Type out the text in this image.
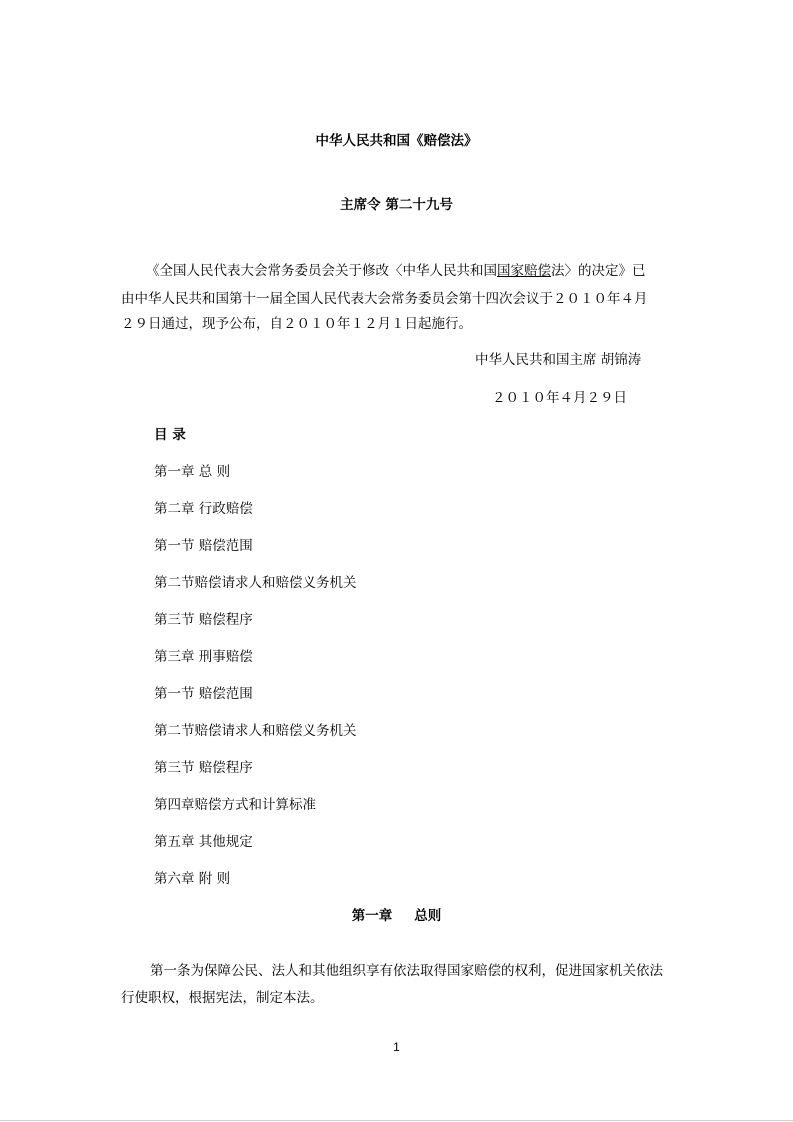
中华人民共和国《赔偿法》
主席令 第二十九号
《全国人民代表大会常务委员会关于修改〈中华人民共和国国家赔偿法〉的决定》已
由中华人民共和国第十一届全国人民代表大会常务委员会第十四次会议于２０１０年４月
２９日通过，现予公布，自２０１０年１２月１日起施行。
中华人民共和国主席 胡锦涛
２０１０年４月２９日
目 录
第一章 总 则
第二章 行政赔偿
第一节 赔偿范围
第二节赔偿请求人和赔偿义务机关
第三节 赔偿程序
第三章 刑事赔偿
第一节 赔偿范围
第二节赔偿请求人和赔偿义务机关
第三节 赔偿程序
第四章赔偿方式和计算标准
第五章 其他规定
第六章 附 则
第一章 总则
第一条为保障公民、法人和其他组织享有依法取得国家赔偿的权利，促进国家机关依法
行使职权，根据宪法，制定本法。
1
